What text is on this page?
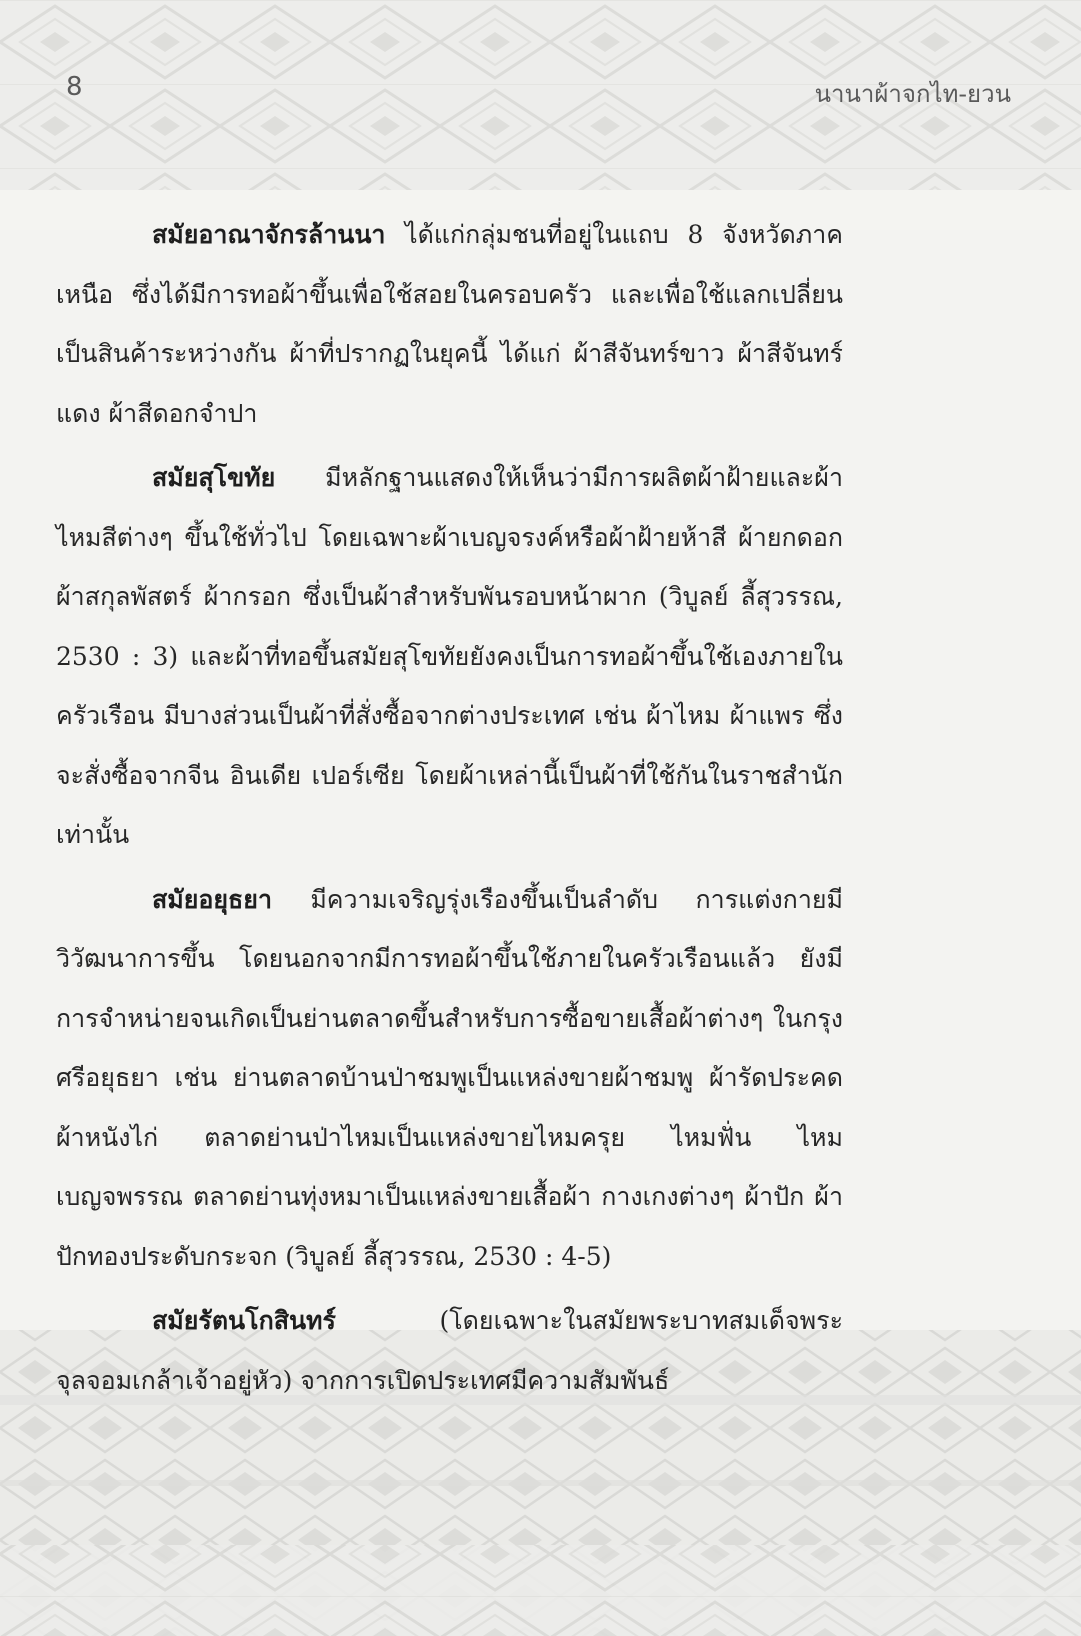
8	นานาผ้าจกไท-ยวน

สมัยอาณาจักรล้านนา ได้แก่กลุ่มชนที่อยู่ในแถบ 8 จังหวัดภาคเหนือ ซึ่งได้มีการทอผ้าขึ้นเพื่อใช้สอยในครอบครัว และเพื่อใช้แลกเปลี่ยนเป็นสินค้าระหว่างกัน ผ้าที่ปรากฏในยุคนี้ ได้แก่ ผ้าสีจันทร์ขาว ผ้าสีจันทร์แดง ผ้าสีดอกจำปา

สมัยสุโขทัย มีหลักฐานแสดงให้เห็นว่ามีการผลิตผ้าฝ้ายและผ้าไหมสีต่างๆ ขึ้นใช้ทั่วไป โดยเฉพาะผ้าเบญจรงค์หรือผ้าฝ้ายห้าสี ผ้ายกดอก ผ้าสกุลพัสตร์ ผ้ากรอก ซึ่งเป็นผ้าสำหรับพันรอบหน้าผาก (วิบูลย์ ลี้สุวรรณ, 2530 : 3) และผ้าที่ทอขึ้นสมัยสุโขทัยยังคงเป็นการทอผ้าขึ้นใช้เองภายในครัวเรือน มีบางส่วนเป็นผ้าที่สั่งซื้อจากต่างประเทศ เช่น ผ้าไหม ผ้าแพร ซึ่งจะสั่งซื้อจากจีน อินเดีย เปอร์เซีย โดยผ้าเหล่านี้เป็นผ้าที่ใช้กันในราชสำนักเท่านั้น

สมัยอยุธยา มีความเจริญรุ่งเรืองขึ้นเป็นลำดับ การแต่งกายมีวิวัฒนาการขึ้น โดยนอกจากมีการทอผ้าขึ้นใช้ภายในครัวเรือนแล้ว ยังมีการจำหน่ายจนเกิดเป็นย่านตลาดขึ้นสำหรับการซื้อขายเสื้อผ้าต่างๆ ในกรุงศรีอยุธยา เช่น ย่านตลาดบ้านป่าชมพูเป็นแหล่งขายผ้าชมพู ผ้ารัดประคด ผ้าหนังไก่ ตลาดย่านป่าไหมเป็นแหล่งขายไหมครุย ไหมฟั่น ไหมเบญจพรรณ ตลาดย่านทุ่งหมาเป็นแหล่งขายเสื้อผ้า กางเกงต่างๆ ผ้าปัก ผ้าปักทองประดับกระจก (วิบูลย์ ลี้สุวรรณ, 2530 : 4-5)

สมัยรัตนโกสินทร์ (โดยเฉพาะในสมัยพระบาทสมเด็จพระจุลจอมเกล้าเจ้าอยู่หัว) จากการเปิดประเทศมีความสัมพันธ์
